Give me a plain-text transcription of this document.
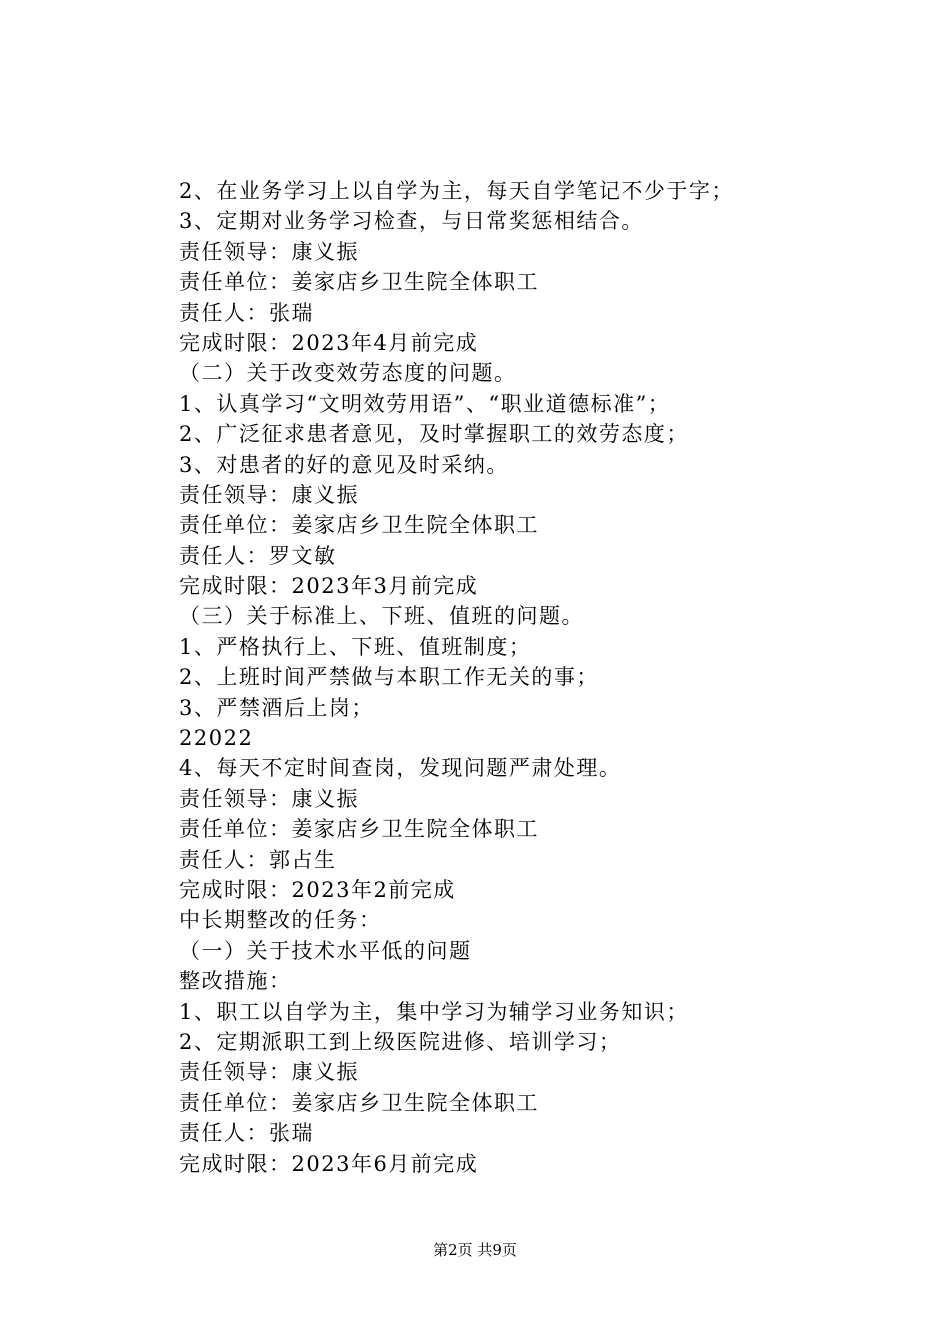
2、在业务学习上以自学为主，每天自学笔记不少于字；
3、定期对业务学习检查，与日常奖惩相结合。
责任领导：康义振
责任单位：姜家店乡卫生院全体职工
责任人：张瑞
完成时限：2023年4月前完成
（二）关于改变效劳态度的问题。
1、认真学习“文明效劳用语”、“职业道德标准”；
2、广泛征求患者意见，及时掌握职工的效劳态度；
3、对患者的好的意见及时采纳。
责任领导：康义振
责任单位：姜家店乡卫生院全体职工
责任人：罗文敏
完成时限：2023年3月前完成
（三）关于标准上、下班、值班的问题。
1、严格执行上、下班、值班制度；
2、上班时间严禁做与本职工作无关的事；
3、严禁酒后上岗；
22022
4、每天不定时间查岗，发现问题严肃处理。
责任领导：康义振
责任单位：姜家店乡卫生院全体职工
责任人：郭占生
完成时限：2023年2前完成
中长期整改的任务：
（一）关于技术水平低的问题
整改措施：
1、职工以自学为主，集中学习为辅学习业务知识；
2、定期派职工到上级医院进修、培训学习；
责任领导：康义振
责任单位：姜家店乡卫生院全体职工
责任人：张瑞
完成时限：2023年6月前完成
第2页 共9页
